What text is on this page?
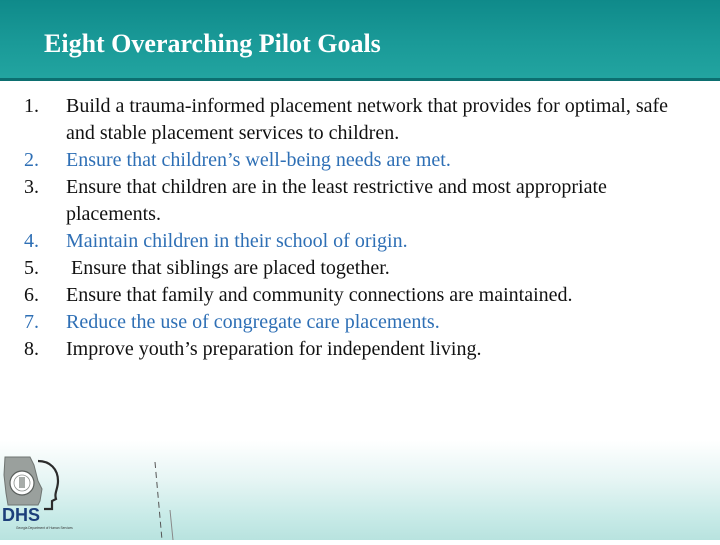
Eight Overarching Pilot Goals
1.	Build a trauma-informed placement network that provides for optimal, safe and stable placement services to children.
2.	Ensure that children’s well-being needs are met.
3.	Ensure that children are in the least restrictive and most appropriate placements.
4.	Maintain children in their school of origin.
5.	Ensure that siblings are placed together.
6.	Ensure that family and community connections are maintained.
7.	Reduce the use of congregate care placements.
8.	Improve youth’s preparation for independent living.
DHS
Georgia Department of Human Services
